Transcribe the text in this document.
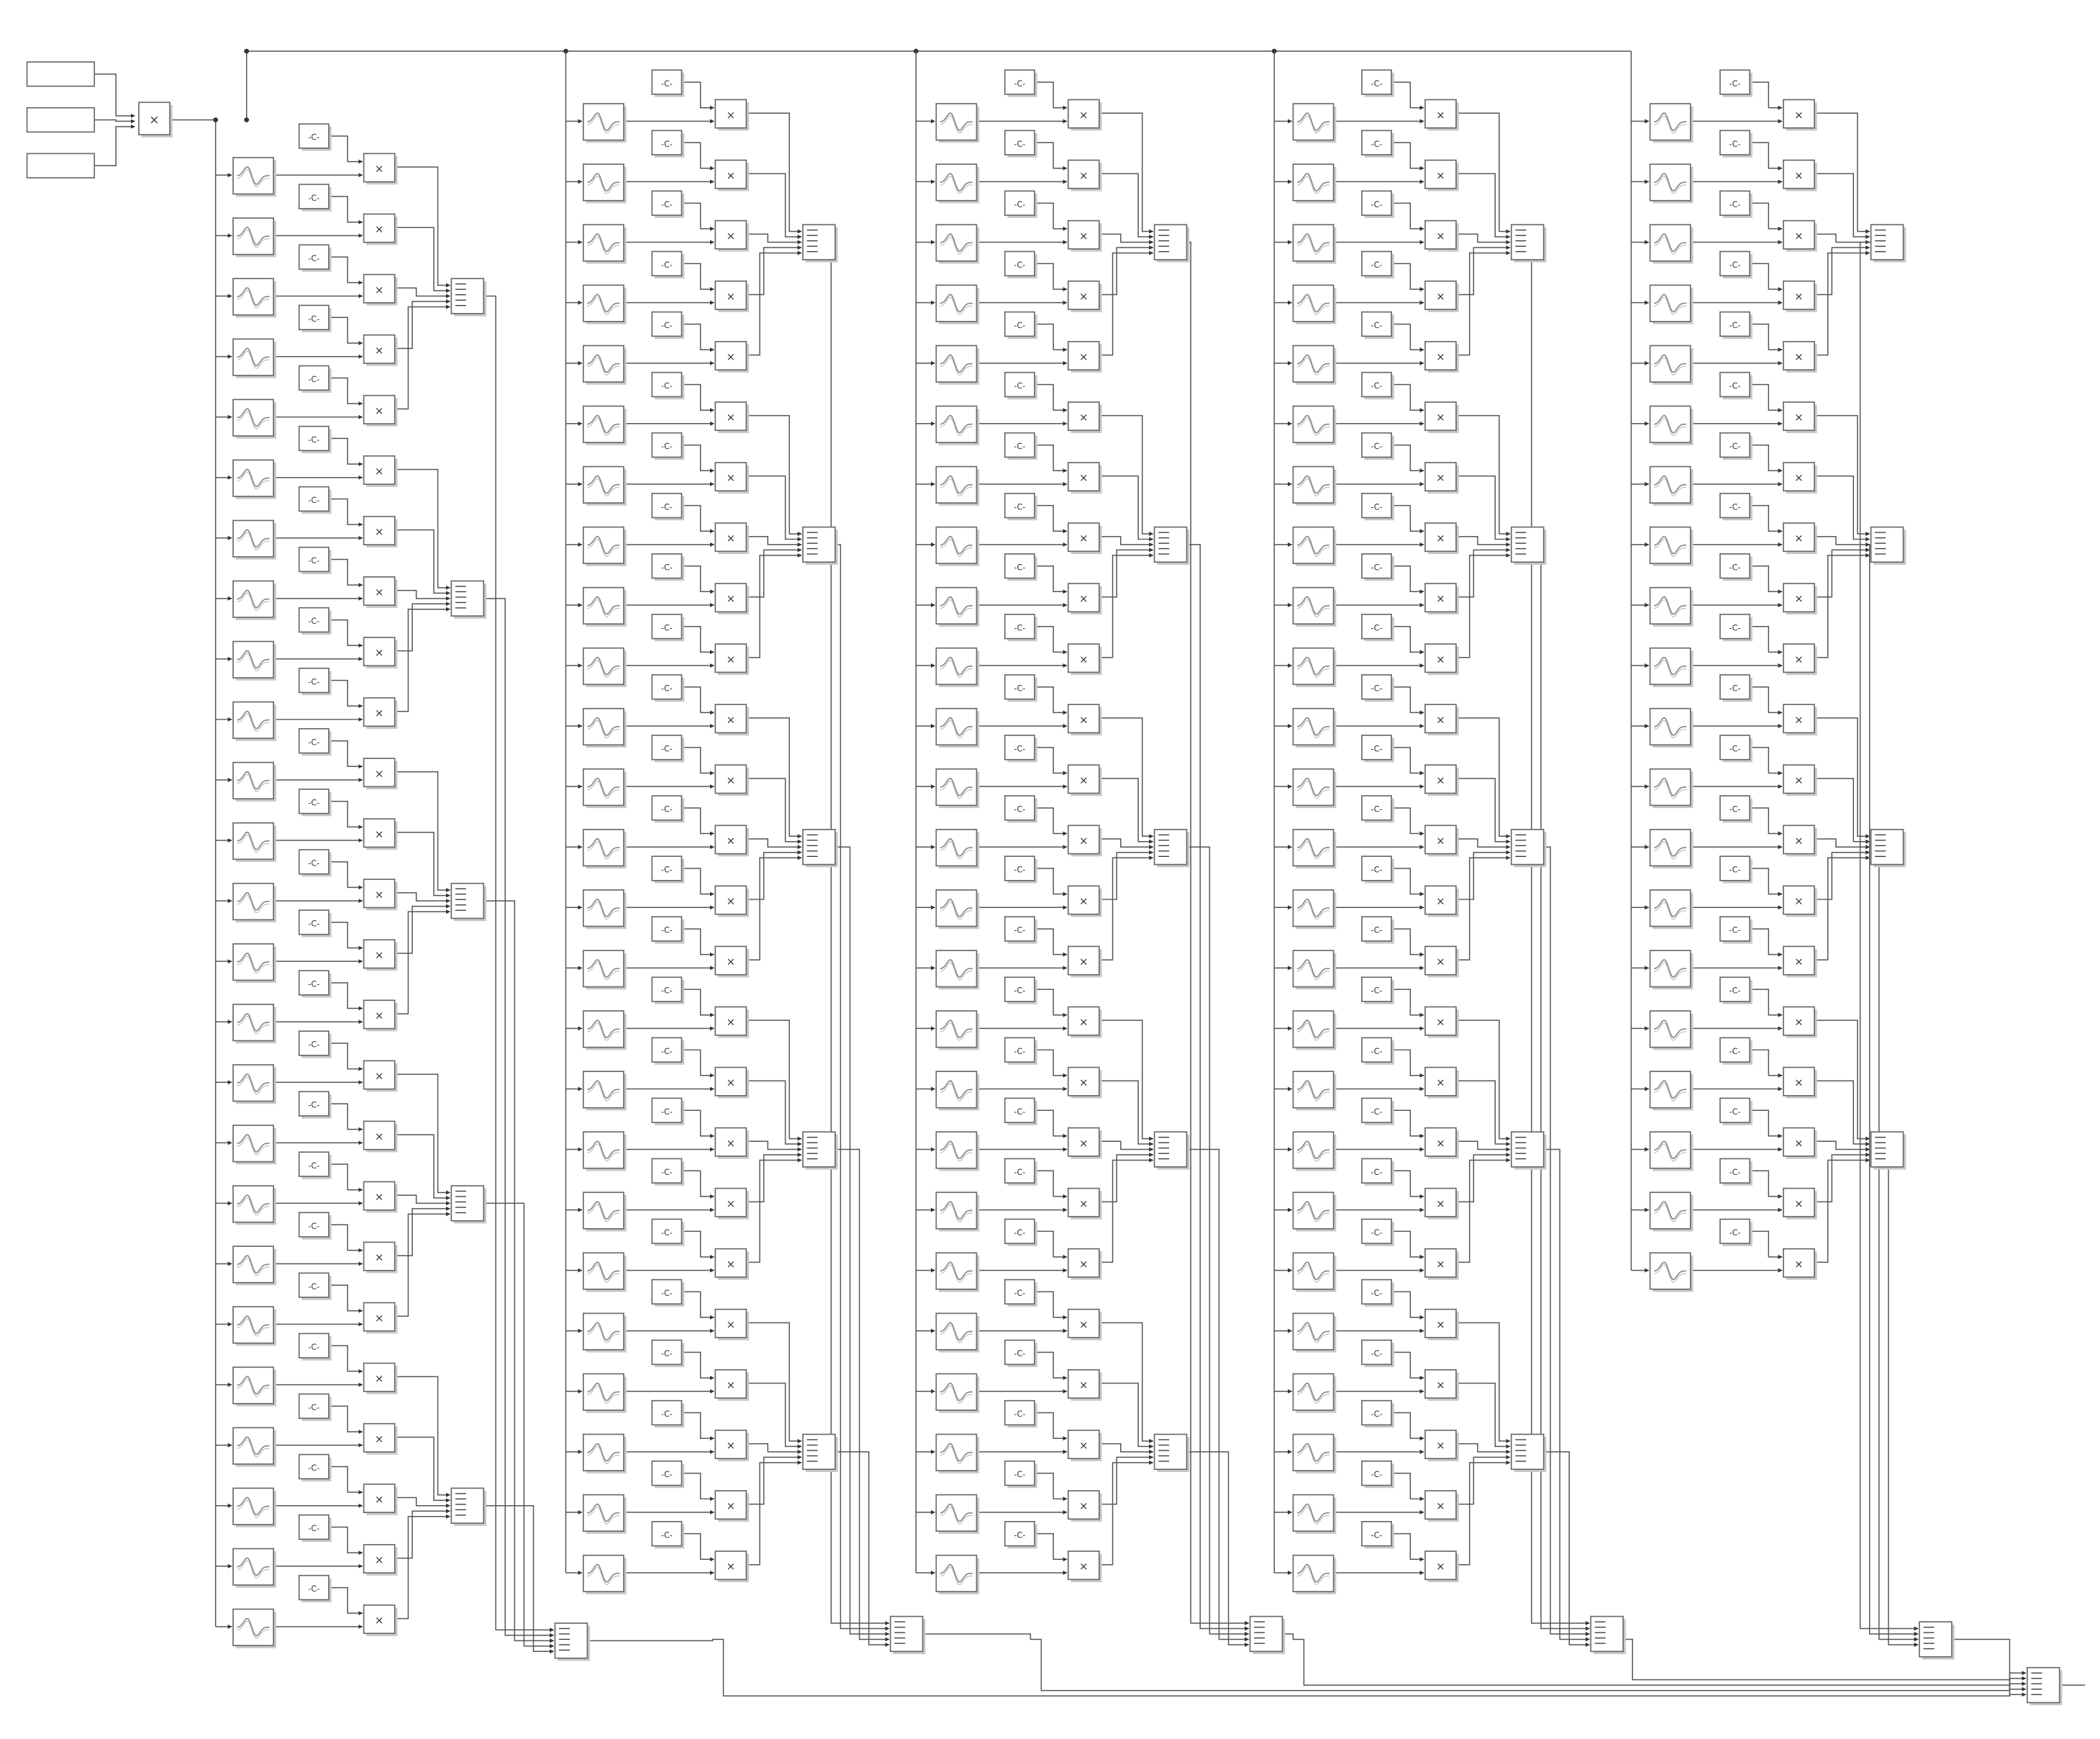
×
-C-
×
-C-
×
-C-
×
-C-
×
-C-
×
-C-
×
-C-
×
-C-
×
-C-
×
-C-
×
-C-
×
-C-
×
-C-
×
-C-
×
-C-
×
-C-
×
-C-
×
-C-
×
-C-
×
-C-
×
-C-
×
-C-
×
-C-
×
-C-
×
-C-
×
-C-
×
-C-
×
-C-
×
-C-
×
-C-
×
-C-
×
-C-
×
-C-
×
-C-
×
-C-
×
-C-
×
-C-
×
-C-
×
-C-
×
-C-
×
-C-
×
-C-
×
-C-
×
-C-
×
-C-
×
-C-
×
-C-
×
-C-
×
-C-
×
-C-
×
-C-
×
-C-
×
-C-
×
-C-
×
-C-
×
-C-
×
-C-
×
-C-
×
-C-
×
-C-
×
-C-
×
-C-
×
-C-
×
-C-
×
-C-
×
-C-
×
-C-
×
-C-
×
-C-
×
-C-
×
-C-
×
-C-
×
-C-
×
-C-
×
-C-
×
-C-
×
-C-
×
-C-
×
-C-
×
-C-
×
-C-
×
-C-
×
-C-
×
-C-
×
-C-
×
-C-
×
-C-
×
-C-
×
-C-
×
-C-
×
-C-
×
-C-
×
-C-
×
-C-
×
-C-
×
-C-
×
-C-
×
-C-
×
-C-
×
-C-
×
-C-
×
-C-
×
-C-
×
-C-
×
-C-
×
-C-
×
-C-
×
-C-
×
-C-
×
-C-
×
-C-
×
-C-
×
-C-
×
-C-
×
-C-
×
-C-
×
-C-
×
-C-
×
-C-
×
-C-
×
